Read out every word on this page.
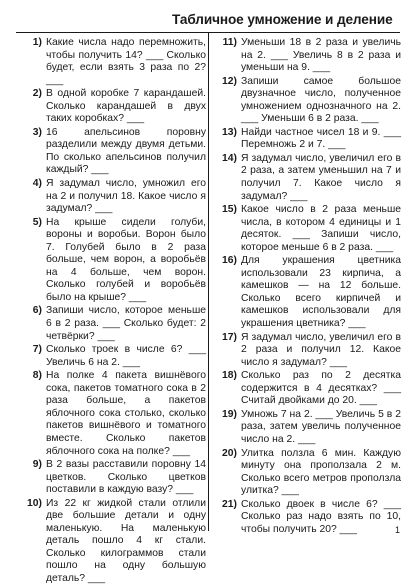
Табличное умножение и деление
1) Какие числа надо перемножить, чтобы получить 14? ___ Сколько будет, если взять 3 раза по 2? ___
2) В одной коробке 7 карандашей. Сколько карандашей в двух таких коробках? ___
3) 16 апельсинов поровну разделили между двумя детьми. По сколько апельсинов получил каждый? ___
4) Я задумал число, умножил его на 2 и получил 18. Какое число я задумал? ___
5) На крыше сидели голуби, вороны и воробьи. Ворон было 7. Голубей было в 2 раза больше, чем ворон, а воробьёв на 4 больше, чем ворон. Сколько голубей и воробьёв было на крыше? ___
6) Запиши число, которое меньше 6 в 2 раза. ___ Сколько будет: 2 четвёрки? ___
7) Сколько троек в числе 6? ___ Увеличь 6 на 2. ___
8) На полке 4 пакета вишнёвого сока, пакетов томатного сока в 2 раза больше, а пакетов яблочного сока столько, сколько пакетов вишнёвого и томатного вместе. Сколько пакетов яблочного сока на полке? ___
9) В 2 вазы расставили поровну 14 цветков. Сколько цветков поставили в каждую вазу? ___
10) Из 22 кг жидкой стали отлили две большие детали и одну маленькую. На маленькую деталь пошло 4 кг стали. Сколько килограммов стали пошло на одну большую деталь? ___
11) Уменьши 18 в 2 раза и увеличь на 2. ___ Увеличь 8 в 2 раза и уменьши на 9. ___
12) Запиши самое большое двузначное число, полученное умножением однозначного на 2. ___ Уменьши 6 в 2 раза. ___
13) Найди частное чисел 18 и 9. ___ Перемножь 2 и 7. ___
14) Я задумал число, увеличил его в 2 раза, а затем уменьшил на 7 и получил 7. Какое число я задумал? ___
15) Какое число в 2 раза меньше числа, в котором 4 единицы и 1 десяток. ___ Запиши число, которое меньше 6 в 2 раза. ___
16) Для украшения цветника использовали 23 кирпича, а камешков — на 12 больше. Сколько всего кирпичей и камешков использовали для украшения цветника? ___
17) Я задумал число, увеличил его в 2 раза и получил 12. Какое число я задумал? ___
18) Сколько раз по 2 десятка содержится в 4 десятках? ___ Считай двойками до 20. ___
19) Умножь 7 на 2. ___ Увеличь 5 в 2 раза, затем увеличь полученное число на 2. ___
20) Улитка ползла 6 мин. Каждую минуту она проползала 2 м. Сколько всего метров проползла улитка? ___
21) Сколько двоек в числе 6? ___ Сколько раз надо взять по 10, чтобы получить 20? ___	1
